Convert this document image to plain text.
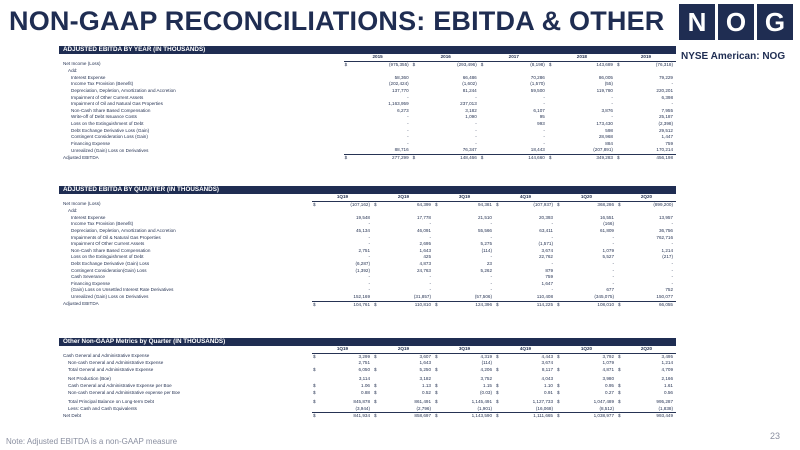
NON-GAAP RECONCILIATIONS: EBITDA & OTHER N O G
NYSE American: NOG
ADJUSTED EBITDA BY YEAR (IN THOUSANDS)
	2015		2016		2017		2018		2019	
Net Income (Loss)	$	(975,355)	$	(293,496)	$	(8,198)	$	143,689	$	(76,318)
Add:										
Interest Expense		58,360		66,486		70,286		86,005		79,229
Income Tax Provision (Benefit)		(202,424)		(1,602)		(1,570)		(55)		-
Depreciation, Depletion, Amortization and Accretion		137,770		81,244		59,500		119,780		220,201
Impairment of Other Current Assets		-		-		-		-		6,398
Impairment of Oil and Natural Gas Properties		1,163,959		237,013		-		-		-
Non-Cash Share Based Compensation		6,273		3,182		6,107		3,876		7,955
Write-off of Debt Issuance Costs		-		1,090		95		-		25,187
Loss on the Extinguishment of Debt		-		-		993		173,430		(2,398)
Debt Exchange Derivative Loss (Gain)		-		-		-		598		29,512
Contingent Consideration Loss (Gain)		-		-		-		28,968		1,447
Financing Expense		-		-		-		884		759
Unrealized (Gain) Loss on Derivatives		88,716		76,347		18,443		(207,891)		170,214
Adjusted EBITDA	$	277,299	$	148,466	$	144,660	$	349,283	$	456,198
ADJUSTED EBITDA BY QUARTER (IN THOUSANDS)
	1Q19		2Q19		3Q19		4Q19		1Q20		2Q20	
Net Income (Loss)	$	(107,162)	$	64,399	$	94,381	$	(107,937)	$	368,286	$	(899,200)
Add:												
Interest Expense		19,548		17,778		21,510		20,393		16,551		13,957
Income Tax Provision (Benefit)		-		-		-		-		(166)		-
Depreciation, Depletion, Amortization and Accretion		45,134		46,091		55,566		63,411		61,809		36,756
Impairments of Oil & Natural Gas Properties		-		-		-		-		-		762,716
Impairment Of Other Current Assets		-		2,695		5,275		(1,571)		-		-
Non-Cash Share Based Compensation		2,751		1,643		(114)		3,674		1,079		1,214
Loss on the Extinguishment of Debt		-		425		-		22,762		5,527		(217)
Debt Exchange Derivative (Gain) Loss		(6,287)		4,873		23		-		-		-
Contingent Consideration(Gain) Loss		(1,392)		24,763		5,262		879		-		-
Cash Severance		-		-		-		759		-		-
Financing Expense		-		-		-		1,647		-		-
(Gain) Loss on Unsettled Interest Rate Derivatives		-		-		-		-		677		752
Unrealized (Gain) Loss on Derivatives		152,169		(31,857)		(57,506)		110,408		(345,075)		150,077
Adjusted EBITDA	$	104,761	$	110,810	$	124,396	$	114,225	$	108,010	$	66,055
Other Non-GAAP Metrics by Quarter (IN THOUSANDS)
	1Q19		2Q19		3Q19		4Q19		1Q20		2Q20	
Cash General and Administrative Expense	$	3,299	$	3,607	$	4,319	$	4,443	$	3,792	$	3,495
Non-cash General and Administrative Expense		2,751		1,643		(114)		3,674		1,079		1,214
Total General and Administrative Expense	$	6,050	$	5,250	$	4,206	$	8,117	$	4,871	$	4,709

Net Production (Boe)		3,114		3,182		3,752		4,043		3,980		2,166
Cash General and Administrative Expense per Boe	$	1.06	$	1.13	$	1.15	$	1.10	$	0.95	$	1.61
Non-cash General and Administrative expense per Boe	$	0.88	$	0.52	$	(0.03)	$	0.91	$	0.27	$	0.56

Total Principal Balance on Long-term Debt	$	845,878	$	861,491	$	1,145,491	$	1,127,733	$	1,047,489	$	995,287
Less: Cash and Cash Equivalents		(3,944)		(2,796)		(1,901)		(16,068)		(8,512)		(1,838)
Net Debt	$	841,934	$	858,697	$	1,143,590	$	1,111,665	$	1,038,977	$	993,449
Note: Adjusted EBITDA is a non-GAAP measure
23
